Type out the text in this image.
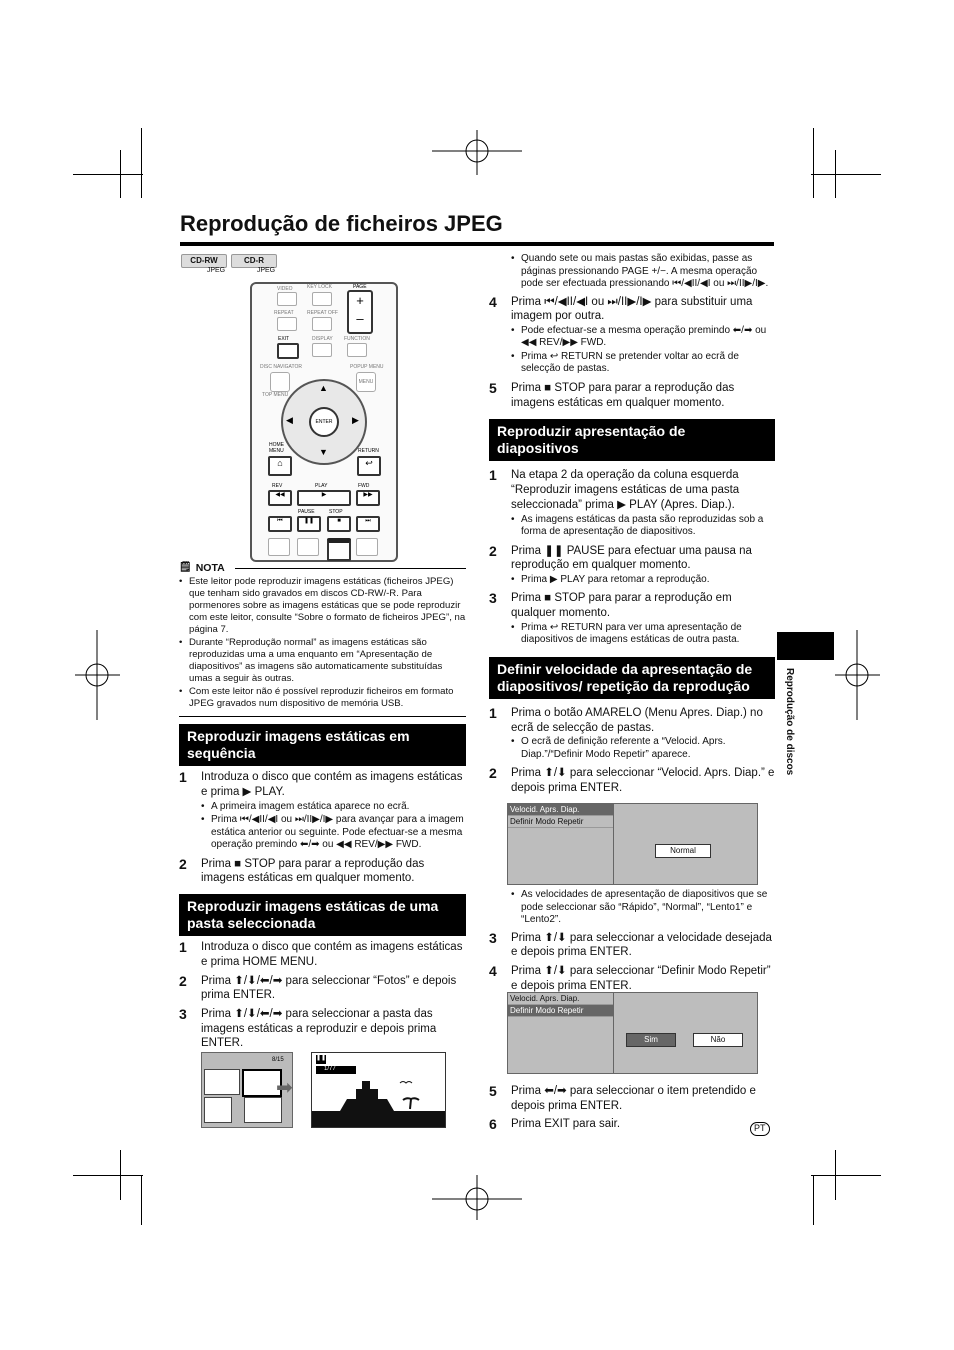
Reprodução de ficheiros JPEG
CD-RW
JPEG
CD-R
JPEG
VIDEO	KEY LOCK	PAGE
+
–
REPEAT	REPEAT OFF
EXIT	DISPLAY FUNCTION
DISC NAVIGATOR	POPUP MENU
MENU
TOP MENU
▲
▼
◀	▶
ENTER
HOME MENU	RETURN
⌂	↩
REV	PLAY	FWD
◀◀	▶	▶▶
PAUSE	STOP
⏮	❚❚	■	⏭
🗒 NOTA
• Este leitor pode reproduzir imagens estáticas (ficheiros JPEG) que tenham sido gravados em discos CD-RW/-R. Para pormenores sobre as imagens estáticas que se pode reproduzir com este leitor, consulte “Sobre o formato de ficheiros JPEG”, na página 7.
• Durante “Reprodução normal” as imagens estáticas são reproduzidas uma a uma enquanto em “Apresentação de diapositivos” as imagens são automaticamente substituídas umas a seguir às outras.
• Com este leitor não é possível reproduzir ficheiros em formato JPEG gravados num dispositivo de memória USB.
Reproduzir imagens estáticas em sequência
1	Introduza o disco que contém as imagens estáticas e prima ▶ PLAY.
• A primeira imagem estática aparece no ecrã.
• Prima ⏮/◀II/◀I ou ⏭/II▶/I▶ para avançar para a imagem estática anterior ou seguinte. Pode efectuar-se a mesma operação premindo ⬅/➡ ou ◀◀ REV/▶▶ FWD.
2	Prima ■ STOP para parar a reprodução das imagens estáticas em qualquer momento.
Reproduzir imagens estáticas de uma pasta seleccionada
1	Introduza o disco que contém as imagens estáticas e prima HOME MENU.
2	Prima ⬆/⬇/⬅/➡ para seleccionar “Fotos” e depois prima ENTER.
3	Prima ⬆/⬇/⬅/➡ para seleccionar a pasta das imagens estáticas a reproduzir e depois prima ENTER.
8/15
➡
❚❚
1/77
• Quando sete ou mais pastas são exibidas, passe as páginas pressionando PAGE +/−. A mesma operação pode ser efectuada pressionando ⏮/◀II/◀I ou ⏭/II▶/I▶.
4	Prima ⏮/◀II/◀I ou ⏭/II▶/I▶ para substituir uma imagem por outra.
• Pode efectuar-se a mesma operação premindo ⬅/➡ ou ◀◀ REV/▶▶ FWD.
• Prima ↩ RETURN se pretender voltar ao ecrã de selecção de pastas.
5	Prima ■ STOP para parar a reprodução das imagens estáticas em qualquer momento.
Reproduzir apresentação de diapositivos
1	Na etapa 2 da operação da coluna esquerda “Reproduzir imagens estáticas de uma pasta seleccionada” prima ▶ PLAY (Apres. Diap.).
• As imagens estáticas da pasta são reproduzidas sob a forma de apresentação de diapositivos.
2	Prima ❚❚ PAUSE para efectuar uma pausa na reprodução em qualquer momento.
• Prima ▶ PLAY para retomar a reprodução.
3	Prima ■ STOP para parar a reprodução em qualquer momento.
• Prima ↩ RETURN para ver uma apresentação de diapositivos de imagens estáticas de outra pasta.
Definir velocidade da apresentação de diapositivos/ repetição da reprodução
1	Prima o botão AMARELO (Menu Apres. Diap.) no ecrã de selecção de pastas.
• O ecrã de definição referente a “Velocid. Aprs. Diap.”/“Definir Modo Repetir” aparece.
2	Prima ⬆/⬇ para seleccionar “Velocid. Aprs. Diap.” e depois prima ENTER.
Velocid. Aprs. Diap.
Definir Modo Repetir
Normal
• As velocidades de apresentação de diapositivos que se pode seleccionar são “Rápido”, “Normal”, “Lento1” e “Lento2”.
3	Prima ⬆/⬇ para seleccionar a velocidade desejada e depois prima ENTER.
4	Prima ⬆/⬇ para seleccionar “Definir Modo Repetir” e depois prima ENTER.
Velocid. Aprs. Diap.
Definir Modo Repetir
Sim	Não
5	Prima ⬅/➡ para seleccionar o item pretendido e depois prima ENTER.
6	Prima EXIT para sair.
Reprodução de discos
PT
